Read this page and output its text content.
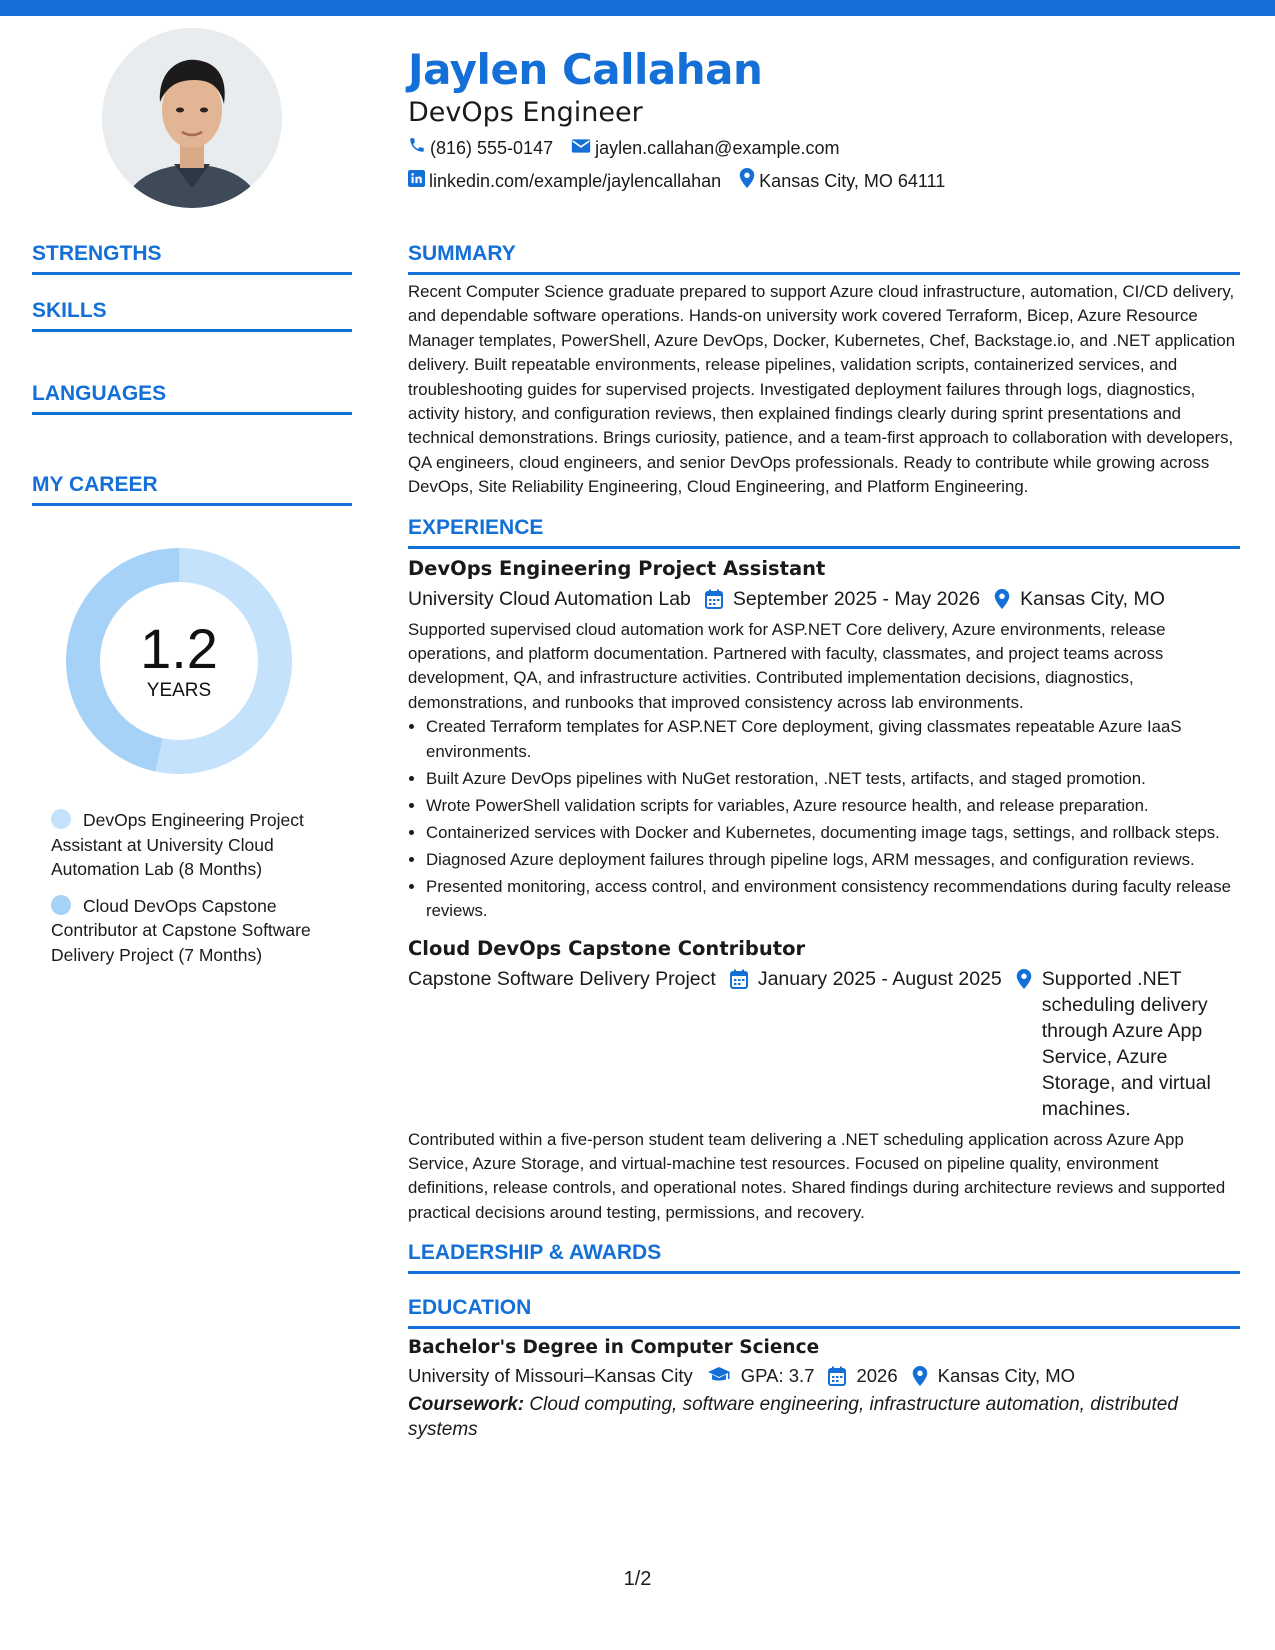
Jaylen Callahan
DevOps Engineer
(816) 555-0147 jaylen.callahan@example.com
linkedin.com/example/jaylencallahan Kansas City, MO 64111
STRENGTHS
SKILLS
LANGUAGES
MY CAREER
1.2
YEARS
DevOps Engineering Project Assistant at University Cloud Automation Lab (8 Months)
Cloud DevOps Capstone Contributor at Capstone Software Delivery Project (7 Months)
SUMMARY

Recent Computer Science graduate prepared to support Azure cloud infrastructure, automation, CI/CD delivery, and dependable software operations. Hands-on university work covered Terraform, Bicep, Azure Resource Manager templates, PowerShell, Azure DevOps, Docker, Kubernetes, Chef, Backstage.io, and .NET application delivery. Built repeatable environments, release pipelines, validation scripts, containerized services, and troubleshooting guides for supervised projects. Investigated deployment failures through logs, diagnostics, activity history, and configuration reviews, then explained findings clearly during sprint presentations and technical demonstrations. Brings curiosity, patience, and a team-first approach to collaboration with developers, QA engineers, cloud engineers, and senior DevOps professionals. Ready to contribute while growing across DevOps, Site Reliability Engineering, Cloud Engineering, and Platform Engineering.

EXPERIENCE
DevOps Engineering Project Assistant
University Cloud Automation Lab September 2025 - May 2026 Kansas City, MO

Supported supervised cloud automation work for ASP.NET Core delivery, Azure environments, release operations, and platform documentation. Partnered with faculty, classmates, and project teams across development, QA, and infrastructure activities. Contributed implementation decisions, diagnostics, demonstrations, and runbooks that improved consistency across lab environments.

• Created Terraform templates for ASP.NET Core deployment, giving classmates repeatable Azure IaaS environments.
• Built Azure DevOps pipelines with NuGet restoration, .NET tests, artifacts, and staged promotion.
• Wrote PowerShell validation scripts for variables, Azure resource health, and release preparation.
• Containerized services with Docker and Kubernetes, documenting image tags, settings, and rollback steps.
• Diagnosed Azure deployment failures through pipeline logs, ARM messages, and configuration reviews.
• Presented monitoring, access control, and environment consistency recommendations during faculty release reviews.
Cloud DevOps Capstone Contributor
Capstone Software Delivery Project January 2025 - August 2025 Supported .NET scheduling delivery through Azure App Service, Azure Storage, and virtual machines.

Contributed within a five-person student team delivering a .NET scheduling application across Azure App Service, Azure Storage, and virtual-machine test resources. Focused on pipeline quality, environment definitions, release controls, and operational notes. Shared findings during architecture reviews and supported practical decisions around testing, permissions, and recovery.

LEADERSHIP & AWARDS
EDUCATION
Bachelor's Degree in Computer Science
University of Missouri–Kansas City	GPA: 3.7 2026 Kansas City, MO

Coursework: Cloud computing, software engineering, infrastructure automation, distributed systems

1/2
